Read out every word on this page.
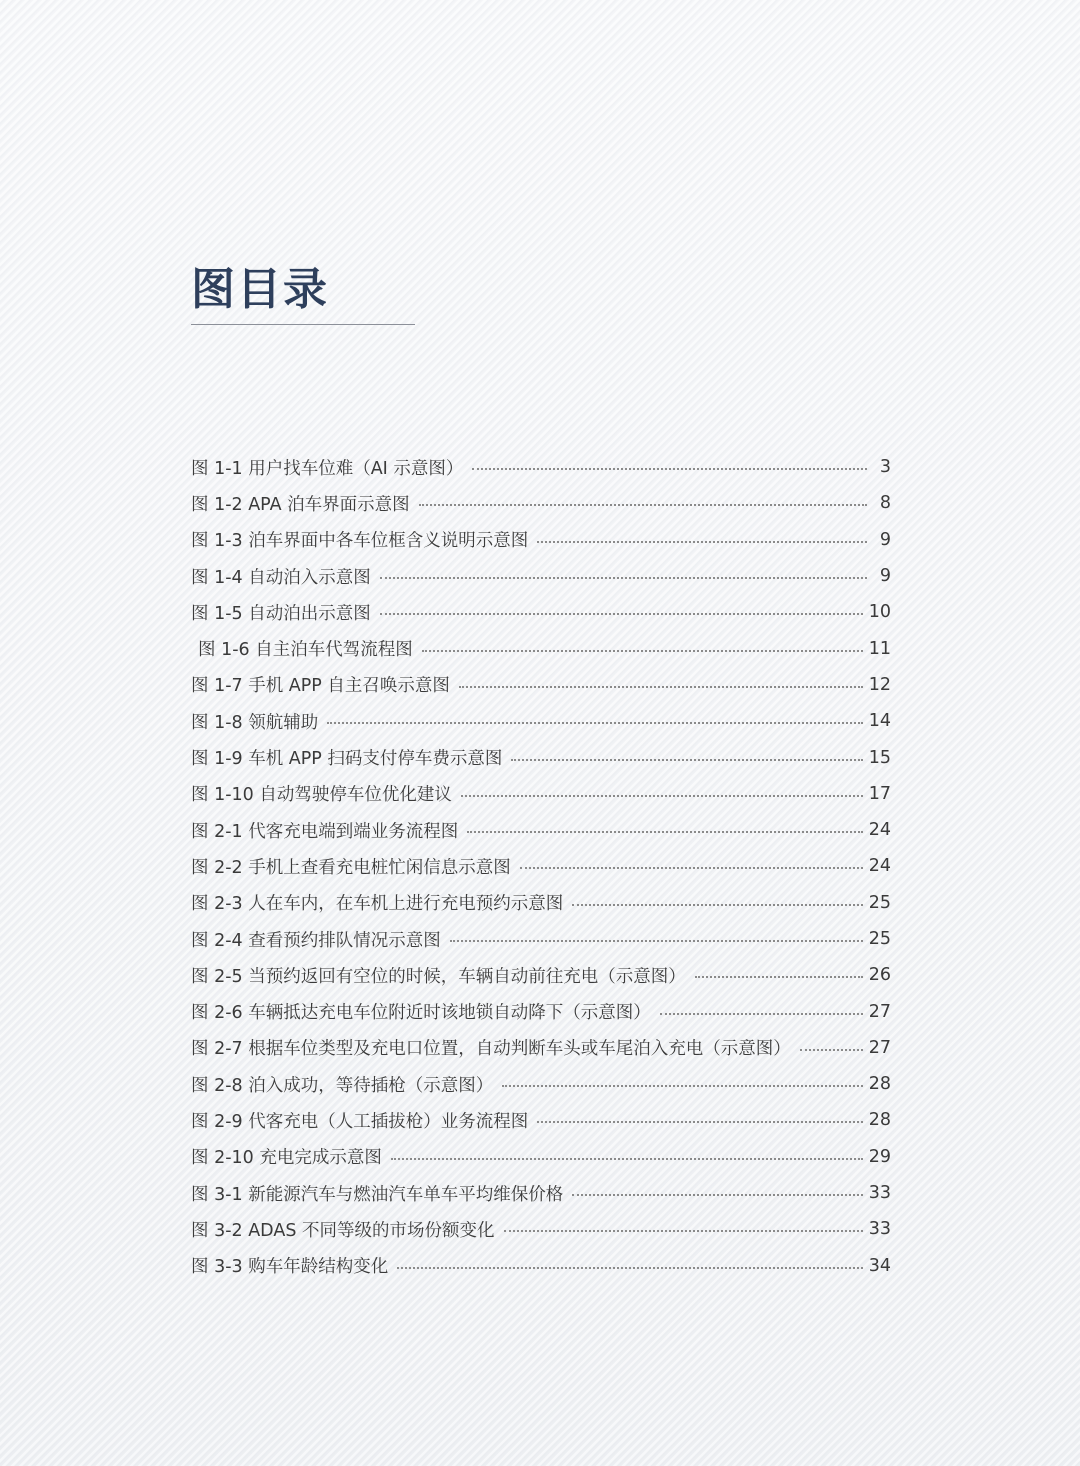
图目录
图 1-1 用户找车位难（AI 示意图）	3
图 1-2 APA 泊车界面示意图	8
图 1-3 泊车界面中各车位框含义说明示意图	9
图 1-4 自动泊入示意图	9
图 1-5 自动泊出示意图	10
图 1-6 自主泊车代驾流程图	11
图 1-7 手机 APP 自主召唤示意图	12
图 1-8 领航辅助	14
图 1-9 车机 APP 扫码支付停车费示意图	15
图 1-10 自动驾驶停车位优化建议	17
图 2-1 代客充电端到端业务流程图	24
图 2-2 手机上查看充电桩忙闲信息示意图	24
图 2-3 人在车内，在车机上进行充电预约示意图	25
图 2-4 查看预约排队情况示意图	25
图 2-5 当预约返回有空位的时候，车辆自动前往充电（示意图）	26
图 2-6 车辆抵达充电车位附近时该地锁自动降下（示意图）	27
图 2-7 根据车位类型及充电口位置，自动判断车头或车尾泊入充电（示意图）	27
图 2-8 泊入成功，等待插枪（示意图）	28
图 2-9 代客充电（人工插拔枪）业务流程图	28
图 2-10 充电完成示意图	29
图 3-1 新能源汽车与燃油汽车单车平均维保价格	33
图 3-2 ADAS 不同等级的市场份额变化	33
图 3-3 购车年龄结构变化	34
